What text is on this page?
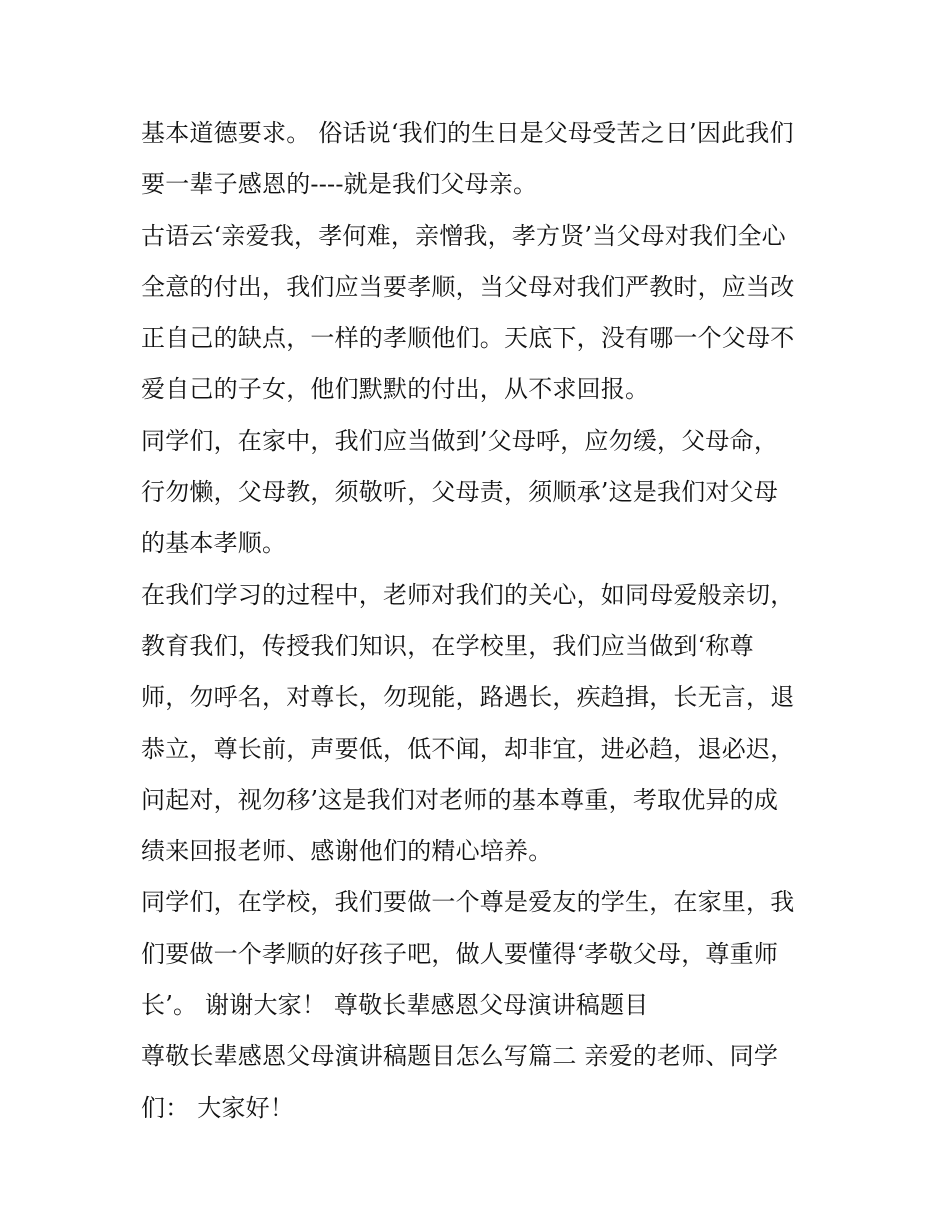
基本道德要求。 俗话说‘我们的生日是父母受苦之日’因此我们
要一辈子感恩的----就是我们父母亲。
古语云‘亲爱我，孝何难，亲憎我，孝方贤’当父母对我们全心
全意的付出，我们应当要孝顺，当父母对我们严教时，应当改
正自己的缺点，一样的孝顺他们。天底下，没有哪一个父母不
爱自己的子女，他们默默的付出，从不求回报。
同学们，在家中，我们应当做到’父母呼，应勿缓，父母命，
行勿懒，父母教，须敬听，父母责，须顺承’这是我们对父母
的基本孝顺。
在我们学习的过程中，老师对我们的关心，如同母爱般亲切，
教育我们，传授我们知识，在学校里，我们应当做到‘称尊
师，勿呼名，对尊长，勿现能，路遇长，疾趋揖，长无言，退
恭立，尊长前，声要低，低不闻，却非宜，进必趋，退必迟，
问起对，视勿移’这是我们对老师的基本尊重，考取优异的成
绩来回报老师、感谢他们的精心培养。
同学们，在学校，我们要做一个尊是爱友的学生，在家里，我
们要做一个孝顺的好孩子吧，做人要懂得‘孝敬父母，尊重师
长’。 谢谢大家！ 尊敬长辈感恩父母演讲稿题目
尊敬长辈感恩父母演讲稿题目怎么写篇二 亲爱的老师、同学
们： 大家好！
